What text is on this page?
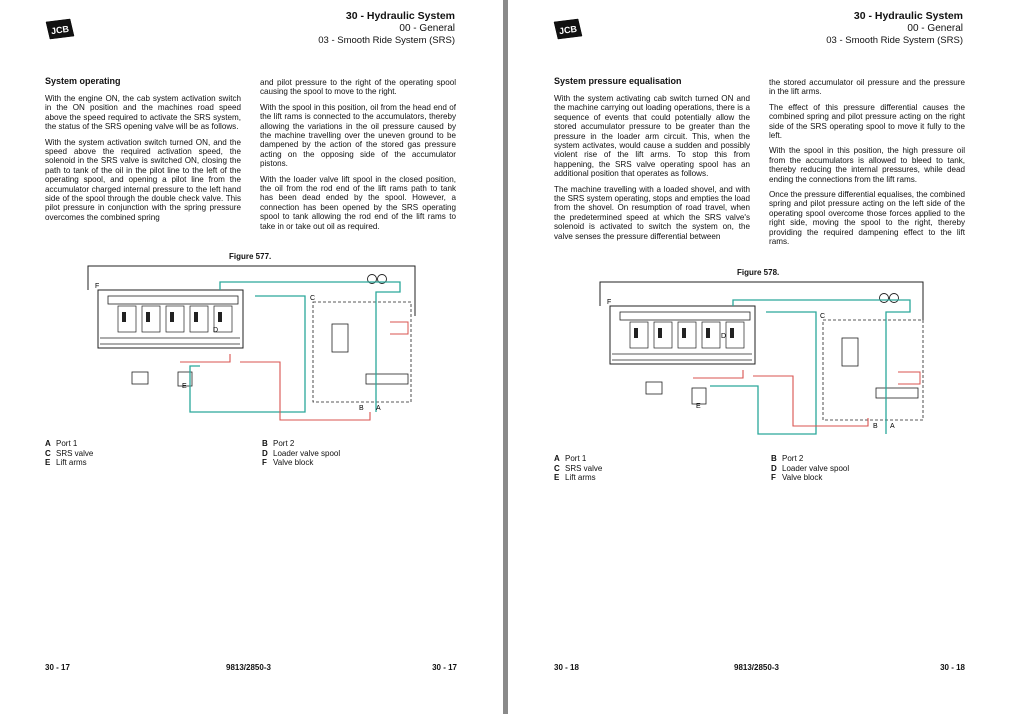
JCB
30 - Hydraulic System
00 - General
03 - Smooth Ride System (SRS)
System operating

With the engine ON, the cab system activation switch in the ON position and the machines road speed above the speed required to activate the SRS system, the status of the SRS opening valve will be as follows.

With the system activation switch turned ON, and the speed above the required activation speed, the solenoid in the SRS valve is switched ON, closing the path to tank of the oil in the pilot line to the left of the operating spool, and opening a pilot line from the accumulator charged internal pressure to the left hand side of the spool through the double check valve. This pilot pressure in conjunction with the spring pressure overcomes the combined spring

and pilot pressure to the right of the operating spool causing the spool to move to the right.

With the spool in this position, oil from the head end of the lift rams is connected to the accumulators, thereby allowing the variations in the oil pressure caused by the machine travelling over the uneven ground to be dampened by the action of the stored gas pressure acting on the opposing side of the accumulator pistons.

With the loader valve lift spool in the closed position, the oil from the rod end of the lift rams path to tank has been dead ended by the spool. However, a connection has been opened by the SRS operating spool to tank allowing the rod end of the lift rams to take in or take out oil as required.

Figure 577.
F
D
C
E
B A
A Port 1
C SRS valve
E Lift arms
B Port 2
D Loader valve spool
F Valve block
30 - 17	9813/2850-3	30 - 17
JCB
30 - Hydraulic System
00 - General
03 - Smooth Ride System (SRS)
System pressure equalisation

With the system activating cab switch turned ON and the machine carrying out loading operations, there is a sequence of events that could potentially allow the stored accumulator pressure to be greater than the pressure in the loader arm circuit. This, when the system activates, would cause a sudden and possibly violent rise of the lift arms. To stop this from happening, the SRS valve operating spool has an additional position that operates as follows.

The machine travelling with a loaded shovel, and with the SRS system operating, stops and empties the load from the shovel. On resumption of road travel, when the predetermined speed at which the SRS valve's solenoid is activated to switch the system on, the valve senses the pressure differential between

the stored accumulator oil pressure and the pressure in the lift arms.

The effect of this pressure differential causes the combined spring and pilot pressure acting on the right side of the SRS operating spool to move it fully to the left.

With the spool in this position, the high pressure oil from the accumulators is allowed to bleed to tank, thereby reducing the internal pressures, while dead ending the connections from the lift rams.

Once the pressure differential equalises, the combined spring and pilot pressure acting on the left side of the operating spool overcome those forces applied to the right side, moving the spool to the right, thereby providing the required dampening effect to the lift rams.

Figure 578.
F
D
C
E
B A
A Port 1
C SRS valve
E Lift arms
B Port 2
D Loader valve spool
F Valve block
30 - 18	9813/2850-3	30 - 18
